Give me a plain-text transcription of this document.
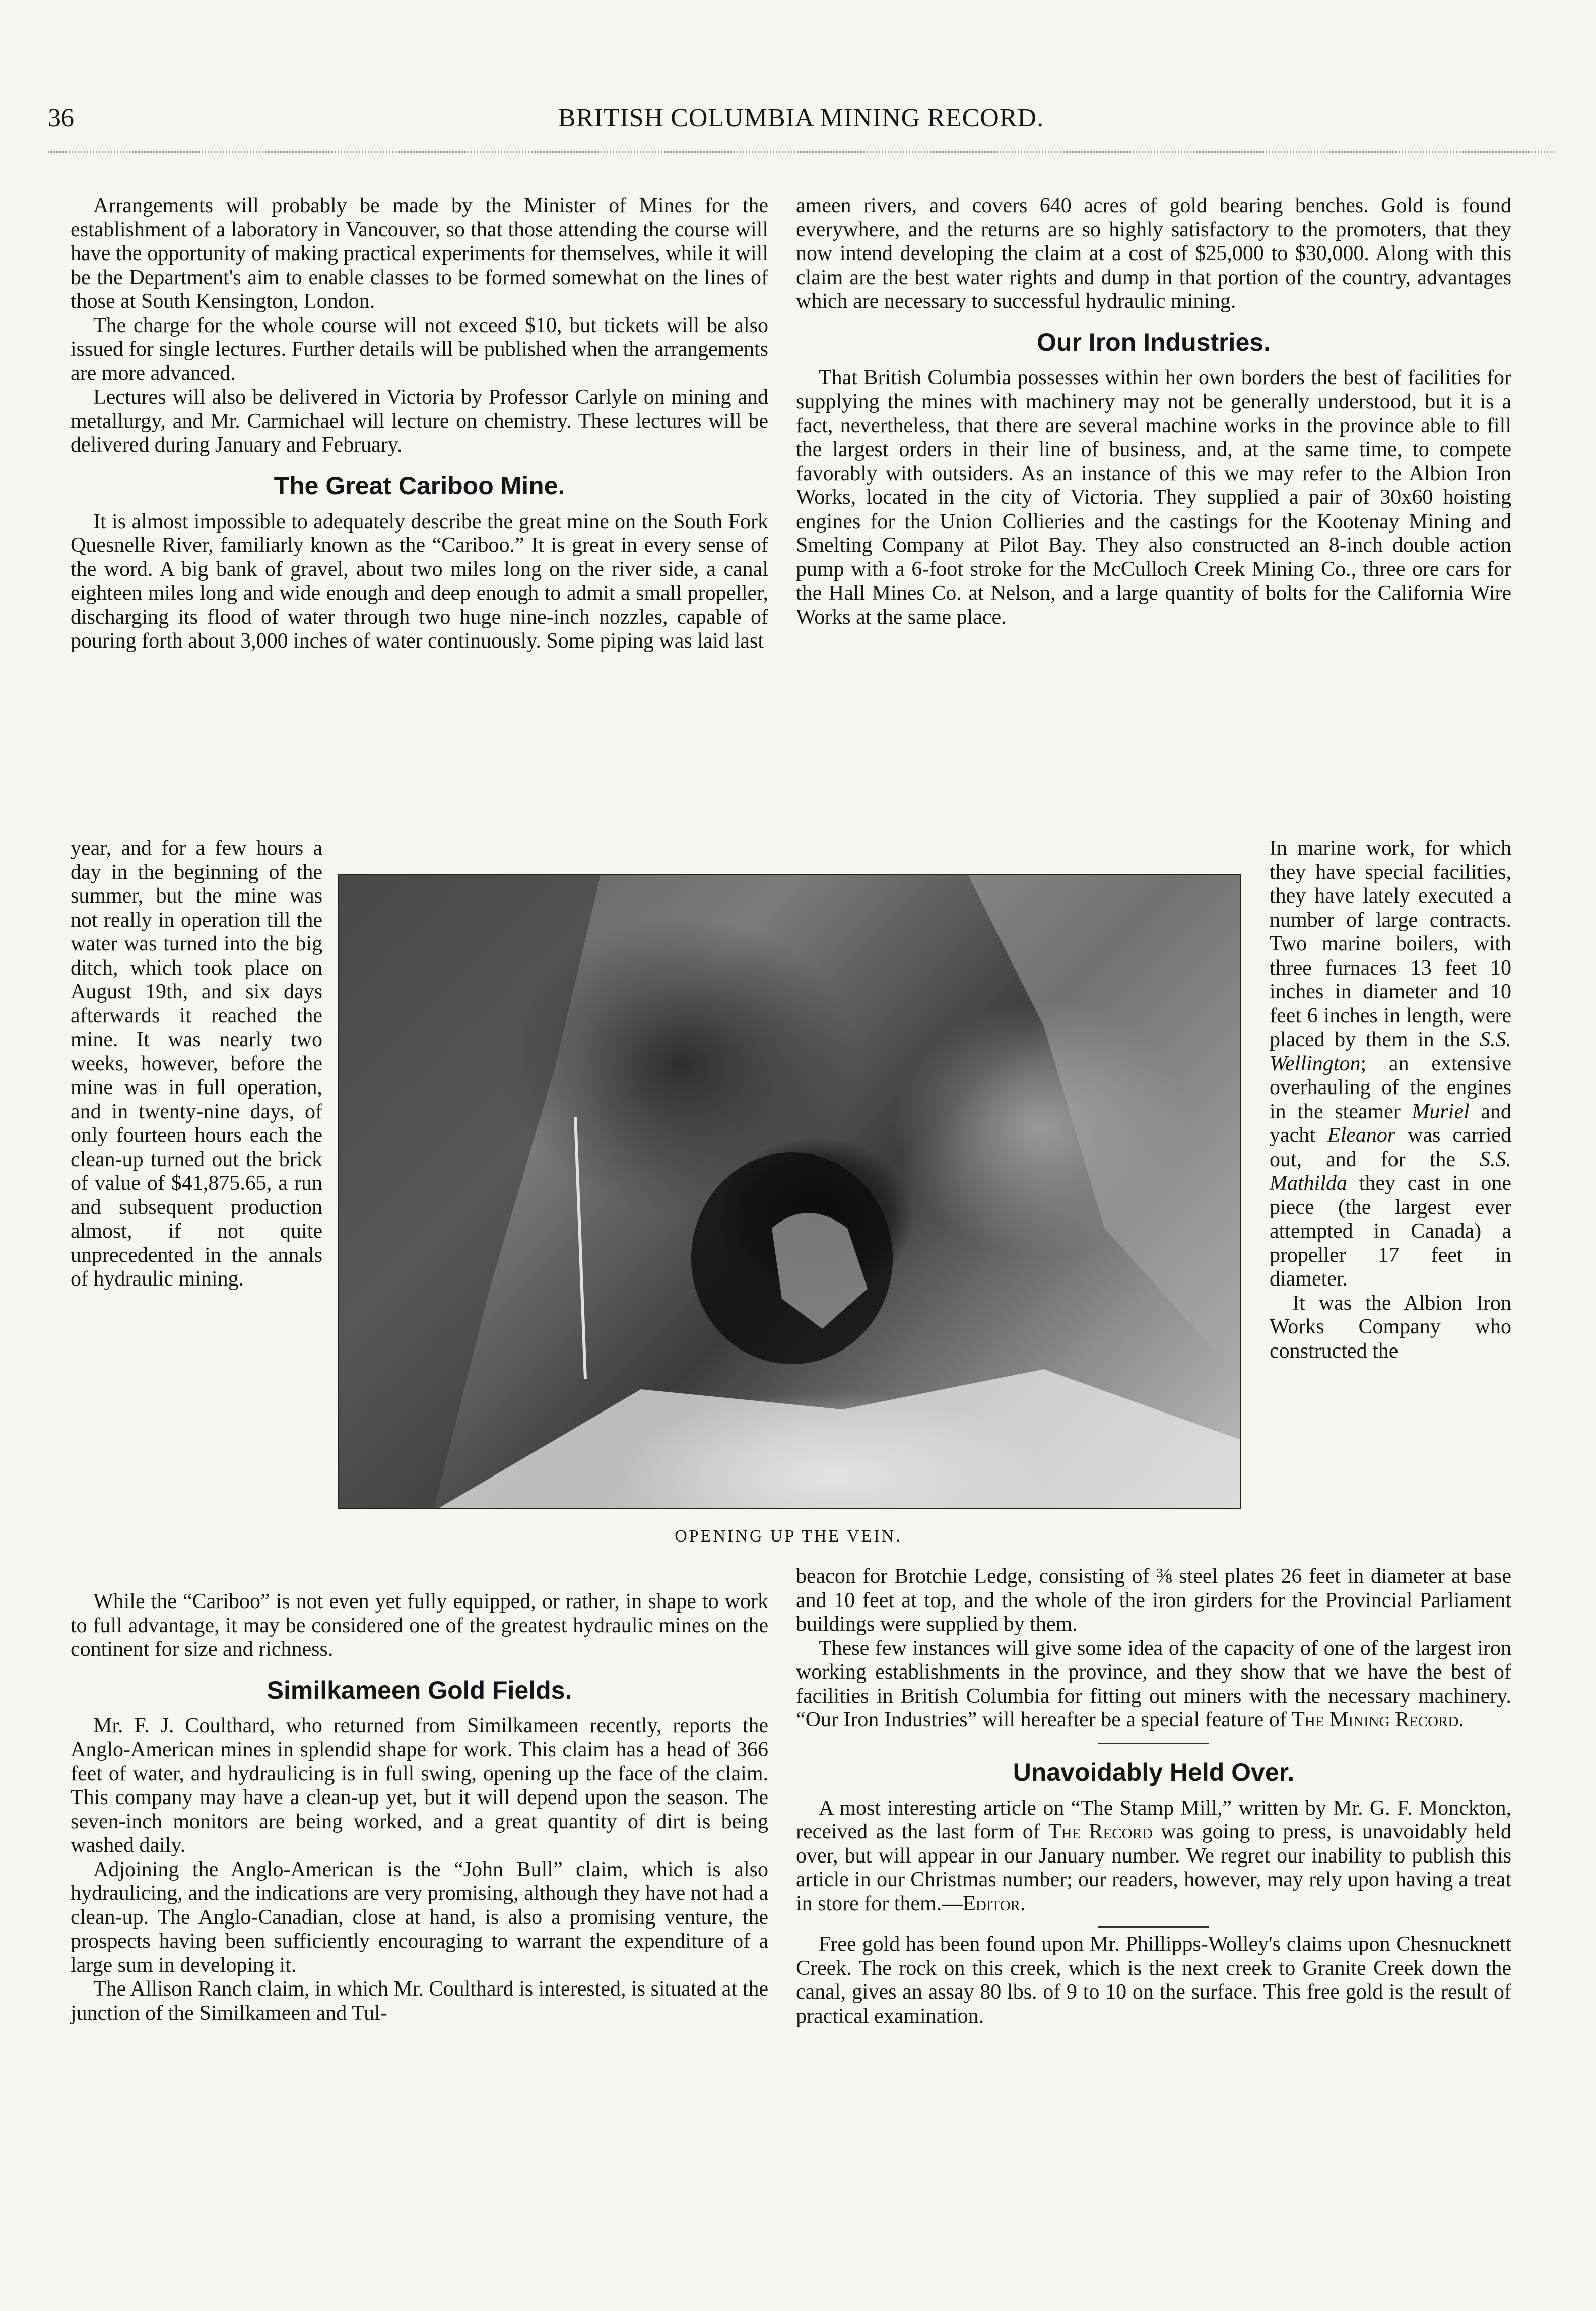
36	BRITISH COLUMBIA MINING RECORD.

Arrangements will probably be made by the Minister of Mines for the establishment of a laboratory in Vancouver, so that those attending the course will have the opportunity of making practical experiments for themselves, while it will be the Department's aim to enable classes to be formed somewhat on the lines of those at South Kensington, London.

The charge for the whole course will not exceed $10, but tickets will be also issued for single lectures. Further details will be published when the arrangements are more advanced.

Lectures will also be delivered in Victoria by Professor Carlyle on mining and metallurgy, and Mr. Carmichael will lecture on chemistry. These lectures will be delivered during January and February.

The Great Cariboo Mine.

It is almost impossible to adequately describe the great mine on the South Fork Quesnelle River, familiarly known as the “Cariboo.” It is great in every sense of the word. A big bank of gravel, about two miles long on the river side, a canal eighteen miles long and wide enough and deep enough to admit a small propeller, discharging its flood of water through two huge nine-inch nozzles, capable of pouring forth about 3,000 inches of water continuously. Some piping was laid last

year, and for a few hours a day in the beginning of the summer, but the mine was not really in operation till the water was turned into the big ditch, which took place on August 19th, and six days afterwards it reached the mine. It was nearly two weeks, however, before the mine was in full operation, and in twenty-nine days, of only fourteen hours each the clean-up turned out the brick of value of $41,875.65, a run and subsequent production almost, if not quite unprecedented in the annals of hydraulic mining.
OPENING UP THE VEIN.

While the “Cariboo” is not even yet fully equipped, or rather, in shape to work to full advantage, it may be considered one of the greatest hydraulic mines on the continent for size and richness.

Similkameen Gold Fields.

Mr. F. J. Coulthard, who returned from Similkameen recently, reports the Anglo-American mines in splendid shape for work. This claim has a head of 366 feet of water, and hydraulicing is in full swing, opening up the face of the claim. This company may have a clean-up yet, but it will depend upon the season. The seven-inch monitors are being worked, and a great quantity of dirt is being washed daily.

Adjoining the Anglo-American is the “John Bull” claim, which is also hydraulicing, and the indications are very promising, although they have not had a clean-up. The Anglo-Canadian, close at hand, is also a promising venture, the prospects having been sufficiently encouraging to warrant the expenditure of a large sum in developing it.

The Allison Ranch claim, in which Mr. Coulthard is interested, is situated at the junction of the Similkameen and Tul-

ameen rivers, and covers 640 acres of gold bearing benches. Gold is found everywhere, and the returns are so highly satisfactory to the promoters, that they now intend developing the claim at a cost of $25,000 to $30,000. Along with this claim are the best water rights and dump in that portion of the country, advantages which are necessary to successful hydraulic mining.

Our Iron Industries.

That British Columbia possesses within her own borders the best of facilities for supplying the mines with machinery may not be generally understood, but it is a fact, nevertheless, that there are several machine works in the province able to fill the largest orders in their line of business, and, at the same time, to compete favorably with outsiders. As an instance of this we may refer to the Albion Iron Works, located in the city of Victoria. They supplied a pair of 30x60 hoisting engines for the Union Collieries and the castings for the Kootenay Mining and Smelting Company at Pilot Bay. They also constructed an 8-inch double action pump with a 6-foot stroke for the McCulloch Creek Mining Co., three ore cars for the Hall Mines Co. at Nelson, and a large quantity of bolts for the California Wire Works at the same place.

In marine work, for which they have special facilities, they have lately executed a number of large contracts. Two marine boilers, with three furnaces 13 feet 10 inches in diameter and 10 feet 6 inches in length, were placed by them in the S.S. Wellington; an extensive overhauling of the engines in the steamer Muriel and yacht Eleanor was carried out, and for the S.S. Mathilda they cast in one piece (the largest ever attempted in Canada) a propeller 17 feet in diameter.
It was the Albion Iron Works Company who constructed the

beacon for Brotchie Ledge, consisting of ⅜ steel plates 26 feet in diameter at base and 10 feet at top, and the whole of the iron girders for the Provincial Parliament buildings were supplied by them.

These few instances will give some idea of the capacity of one of the largest iron working establishments in the province, and they show that we have the best of facilities in British Columbia for fitting out miners with the necessary machinery. “Our Iron Industries” will hereafter be a special feature of The Mining Record.

Unavoidably Held Over.

A most interesting article on “The Stamp Mill,” written by Mr. G. F. Monckton, received as the last form of The Record was going to press, is unavoidably held over, but will appear in our January number. We regret our inability to publish this article in our Christmas number; our readers, however, may rely upon having a treat in store for them.—Editor.

Free gold has been found upon Mr. Phillipps-Wolley's claims upon Chesnucknett Creek. The rock on this creek, which is the next creek to Granite Creek down the canal, gives an assay 80 lbs. of 9 to 10 on the surface. This free gold is the result of practical examination.
